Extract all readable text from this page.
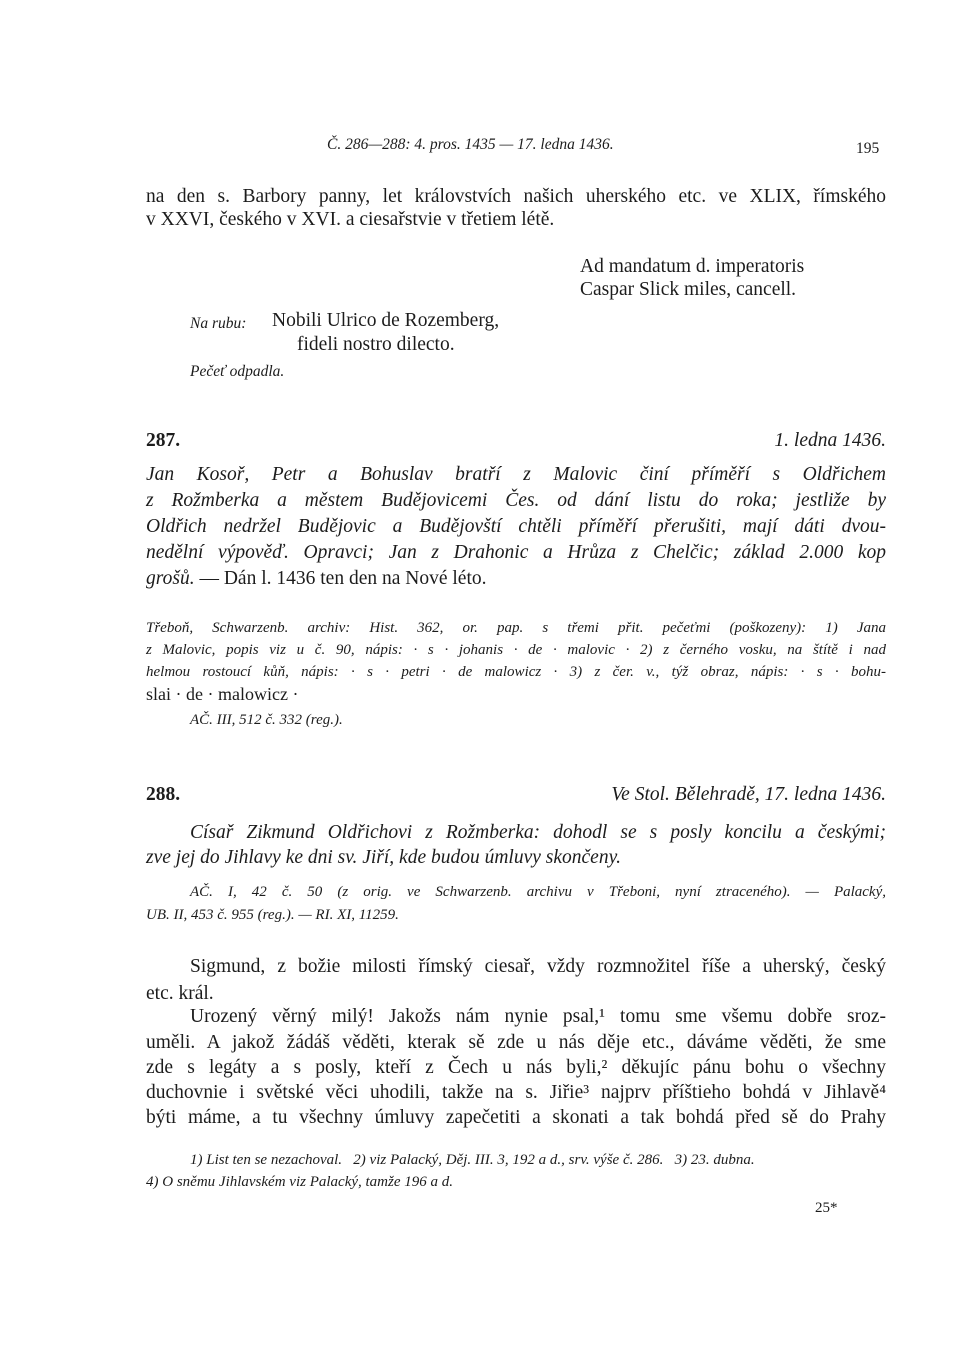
Č. 286—288: 4. pros. 1435 — 17. ledna 1436.	195
na den s. Barbory panny, let královstvích našich uherského etc. ve XLIX, římského
v XXVI, českého v XVI. a ciesařstvie v třetiem létě.
Ad mandatum d. imperatoris
Caspar Slick miles, cancell.
Na rubu: Nobili Ulrico de Rozemberg,
fideli nostro dilecto.
Pečeť odpadla.
287.	1. ledna 1436.
Jan Kosoř, Petr a Bohuslav bratří z Malovic činí příměří s Oldřichem
z Rožmberka a městem Budějovicemi Čes. od dání listu do roka; jestliže by
Oldřich nedržel Budějovic a Budějovští chtěli příměří přerušiti, mají dáti dvou-
nedělní výpověď. Opravci; Jan z Drahonic a Hrůza z Chelčic; základ 2.000 kop
grošů. — Dán l. 1436 ten den na Nové léto.
Třeboň, Schwarzenb. archiv: Hist. 362, or. pap. s třemi přit. pečeťmi (poškozeny): 1) Jana
z Malovic, popis viz u č. 90, nápis: · s · johanis · de · malovic · 2) z černého vosku, na štítě i nad
helmou rostoucí kůň, nápis: · s · petri · de malowicz · 3) z čer. v., týž obraz, nápis: · s · bohu-
slai · de · malowicz ·
AČ. III, 512 č. 332 (reg.).
288.	Ve Stol. Bělehradě, 17. ledna 1436.
Císař Zikmund Oldřichovi z Rožmberka: dohodl se s posly koncilu a českými;
zve jej do Jihlavy ke dni sv. Jiří, kde budou úmluvy skončeny.
AČ. I, 42 č. 50 (z orig. ve Schwarzenb. archivu v Třeboni, nyní ztraceného). — Palacký,
UB. II, 453 č. 955 (reg.). — RI. XI, 11259.
Sigmund, z božie milosti římský ciesař, vždy rozmnožitel říše a uherský, český
etc. král.
Urozený věrný milý! Jakožs nám nynie psal,¹ tomu sme všemu dobře sroz-
uměli. A jakož žádáš věděti, kterak sě zde u nás děje etc., dáváme věděti, že sme
zde s legáty a s posly, kteří z Čech u nás byli,² děkujíc pánu bohu o všechny
duchovnie i světské věci uhodili, takže na s. Jiřie³ najprv příštieho bohdá v Jihlavě⁴
býti máme, a tu všechny úmluvy zapečetiti a skonati a tak bohdá před sě do Prahy
1) List ten se nezachoval.   2) viz Palacký, Děj. III. 3, 192 a d., srv. výše č. 286.   3) 23. dubna.
4) O sněmu Jihlavském viz Palacký, tamže 196 a d.
25*
